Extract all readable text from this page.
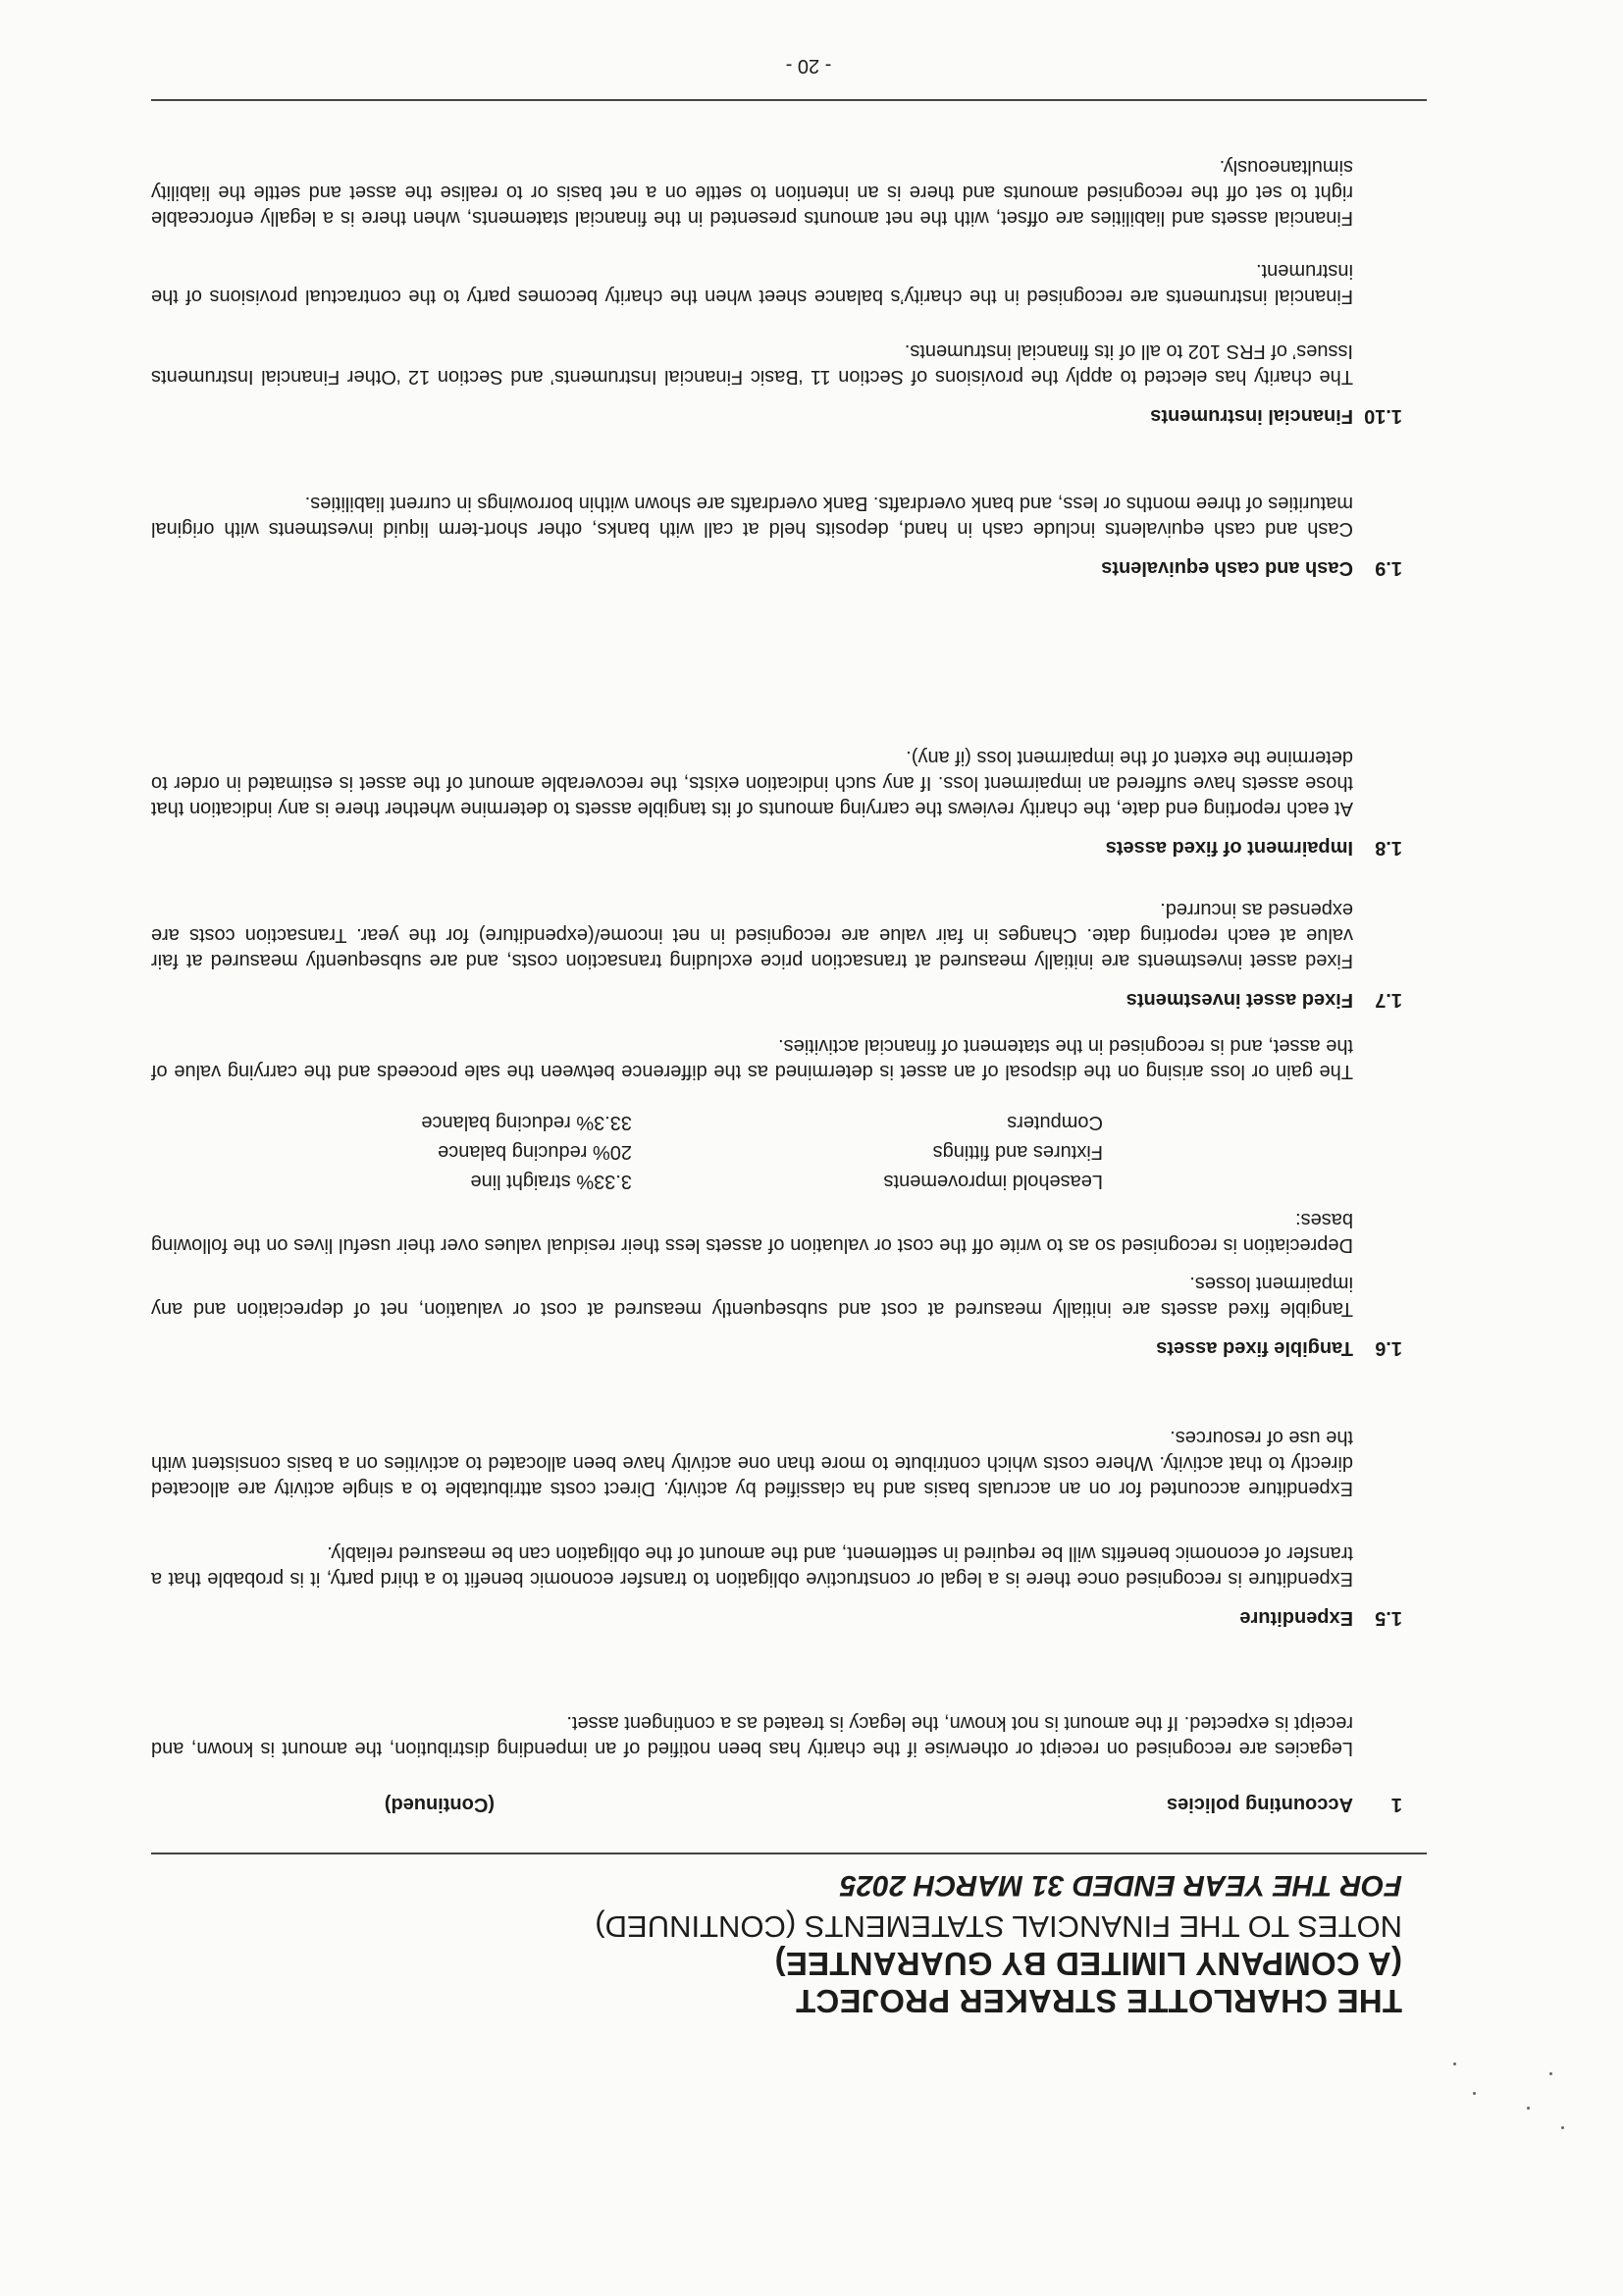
THE CHARLOTTE STRAKER PROJECT
(A COMPANY LIMITED BY GUARANTEE)
NOTES TO THE FINANCIAL STATEMENTS (CONTINUED)
FOR THE YEAR ENDED 31 MARCH 2025
1
Accounting policies
(Continued)
Legacies are recognised on receipt or otherwise if the charity has been notified of an impending distribution, the amount is known, and receipt is expected. If the amount is not known, the legacy is treated as a contingent asset.
1.5
Expenditure
Expenditure is recognised once there is a legal or constructive obligation to transfer economic benefit to a third party, it is probable that a transfer of economic benefits will be required in settlement, and the amount of the obligation can be measured reliably.
Expenditure accounted for on an accruals basis and ha classified by activity. Direct costs attributable to a single activity are allocated directly to that activity. Where costs which contribute to more than one activity have been allocated to activities on a basis consistent with the use of resources.
1.6
Tangible fixed assets
Tangible fixed assets are initially measured at cost and subsequently measured at cost or valuation, net of depreciation and any impairment losses.
Depreciation is recognised so as to write off the cost or valuation of assets less their residual values over their useful lives on the following bases:
Leasehold improvements
3.33% straight line
Fixtures and fittings
20% reducing balance
Computers
33.3% reducing balance
The gain or loss arising on the disposal of an asset is determined as the difference between the sale proceeds and the carrying value of the asset, and is recognised in the statement of financial activities.
1.7
Fixed asset investments
Fixed asset investments are initially measured at transaction price excluding transaction costs, and are subsequently measured at fair value at each reporting date. Changes in fair value are recognised in net income/(expenditure) for the year. Transaction costs are expensed as incurred.
1.8
Impairment of fixed assets
At each reporting end date, the charity reviews the carrying amounts of its tangible assets to determine whether there is any indication that those assets have suffered an impairment loss. If any such indication exists, the recoverable amount of the asset is estimated in order to determine the extent of the impairment loss (if any).
1.9
Cash and cash equivalents
Cash and cash equivalents include cash in hand, deposits held at call with banks, other short-term liquid investments with original maturities of three months or less, and bank overdrafts. Bank overdrafts are shown within borrowings in current liabilities.
1.10
Financial instruments
The charity has elected to apply the provisions of Section 11 ‘Basic Financial Instruments’ and Section 12 ‘Other Financial Instruments Issues’ of FRS 102 to all of its financial instruments.
Financial instruments are recognised in the charity’s balance sheet when the charity becomes party to the contractual provisions of the instrument.
Financial assets and liabilities are offset, with the net amounts presented in the financial statements, when there is a legally enforceable right to set off the recognised amounts and there is an intention to settle on a net basis or to realise the asset and settle the liability simultaneously.
- 20 -
